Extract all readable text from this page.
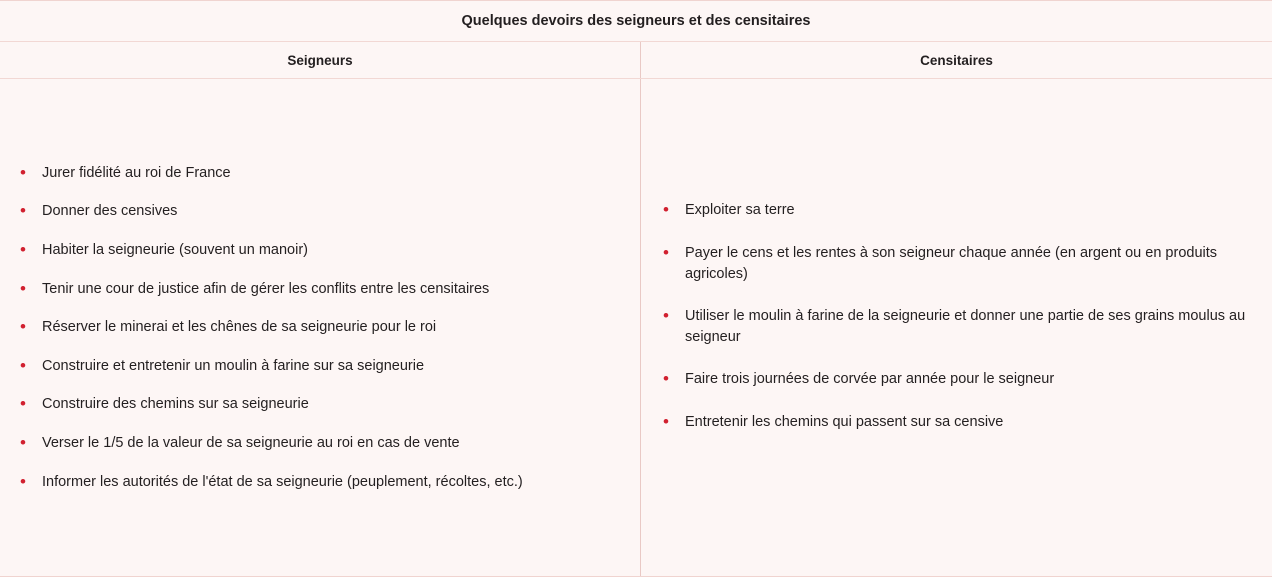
Quelques devoirs des seigneurs et des censitaires
Seigneurs	Censitaires
• Jurer fidélité au roi de France
• Donner des censives
• Habiter la seigneurie (souvent un manoir)
• Tenir une cour de justice afin de gérer les conflits entre les censitaires
• Réserver le minerai et les chênes de sa seigneurie pour le roi
• Construire et entretenir un moulin à farine sur sa seigneurie
• Construire des chemins sur sa seigneurie
• Verser le 1/5 de la valeur de sa seigneurie au roi en cas de vente
• Informer les autorités de l'état de sa seigneurie (peuplement, récoltes, etc.)
• Exploiter sa terre
• Payer le cens et les rentes à son seigneur chaque année (en argent ou en produits agricoles)
• Utiliser le moulin à farine de la seigneurie et donner une partie de ses grains moulus au seigneur
• Faire trois journées de corvée par année pour le seigneur
• Entretenir les chemins qui passent sur sa censive
